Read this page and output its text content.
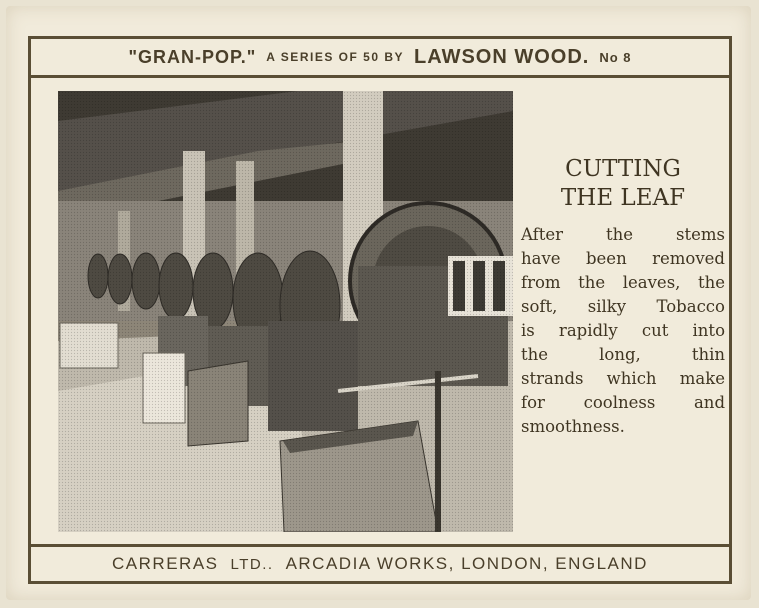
"GRAN-POP." A SERIES OF 50 BY LAWSON WOOD. No 8
CUTTING
THE LEAF
After the stems
have been removed
from the leaves, the
soft, silky Tobacco
is rapidly cut into
the long, thin
strands which make
for coolness and
smoothness.
CARRERAS LTD.. ARCADIA WORKS, LONDON, ENGLAND
